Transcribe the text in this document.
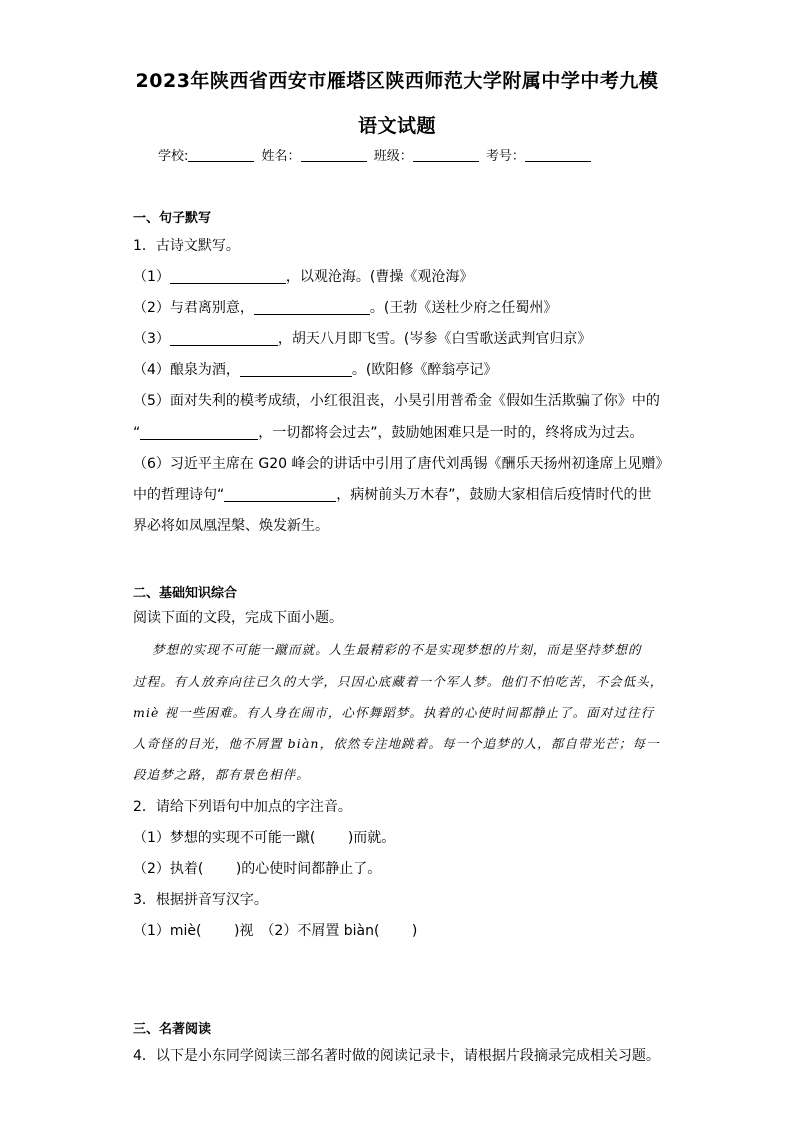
2023年陕西省西安市雁塔区陕西师范大学附属中学中考九模
语文试题
学校:	姓名：	班级：	考号：
一、句子默写
1．古诗文默写。
（1）	，以观沧海。(曹操《观沧海》
（2）与君离别意，	。(王勃《送杜少府之任蜀州》
（3）	，胡天八月即飞雪。(岑参《白雪歌送武判官归京》
（4）酿泉为酒，	。(欧阳修《醉翁亭记》
（5）面对失利的模考成绩，小红很沮丧，小昊引用普希金《假如生活欺骗了你》中的
“	，一切都将会过去”，鼓励她困难只是一时的，终将成为过去。
（6）习近平主席在 G20 峰会的讲话中引用了唐代刘禹锡《酬乐天扬州初逢席上见赠》
中的哲理诗句“	，病树前头万木春”，鼓励大家相信后疫情时代的世
界必将如凤凰涅槃、焕发新生。
二、基础知识综合
阅读下面的文段，完成下面小题。
梦想的实现不可能一蹴而就。人生最精彩的不是实现梦想的片刻，而是坚持梦想的
过程。有人放弃向往已久的大学，只因心底藏着一个军人梦。他们不怕吃苦，不会低头，
miè 视一些困难。有人身在闹市，心怀舞蹈梦。执着的心使时间都静止了。面对过往行
人奇怪的目光，他不屑置 biàn，依然专注地跳着。每一个追梦的人，都自带光芒；每一
段追梦之路，都有景色相伴。
2．请给下列语句中加点的字注音。
（1）梦想的实现不可能一蹴(　　 )而就。
（2）执着(　　 )的心使时间都静止了。
3．根据拼音写汉字。
（1）miè(　　 )视　（2）不屑置 biàn(　　 )
三、名著阅读
4．以下是小东同学阅读三部名著时做的阅读记录卡，请根据片段摘录完成相关习题。
